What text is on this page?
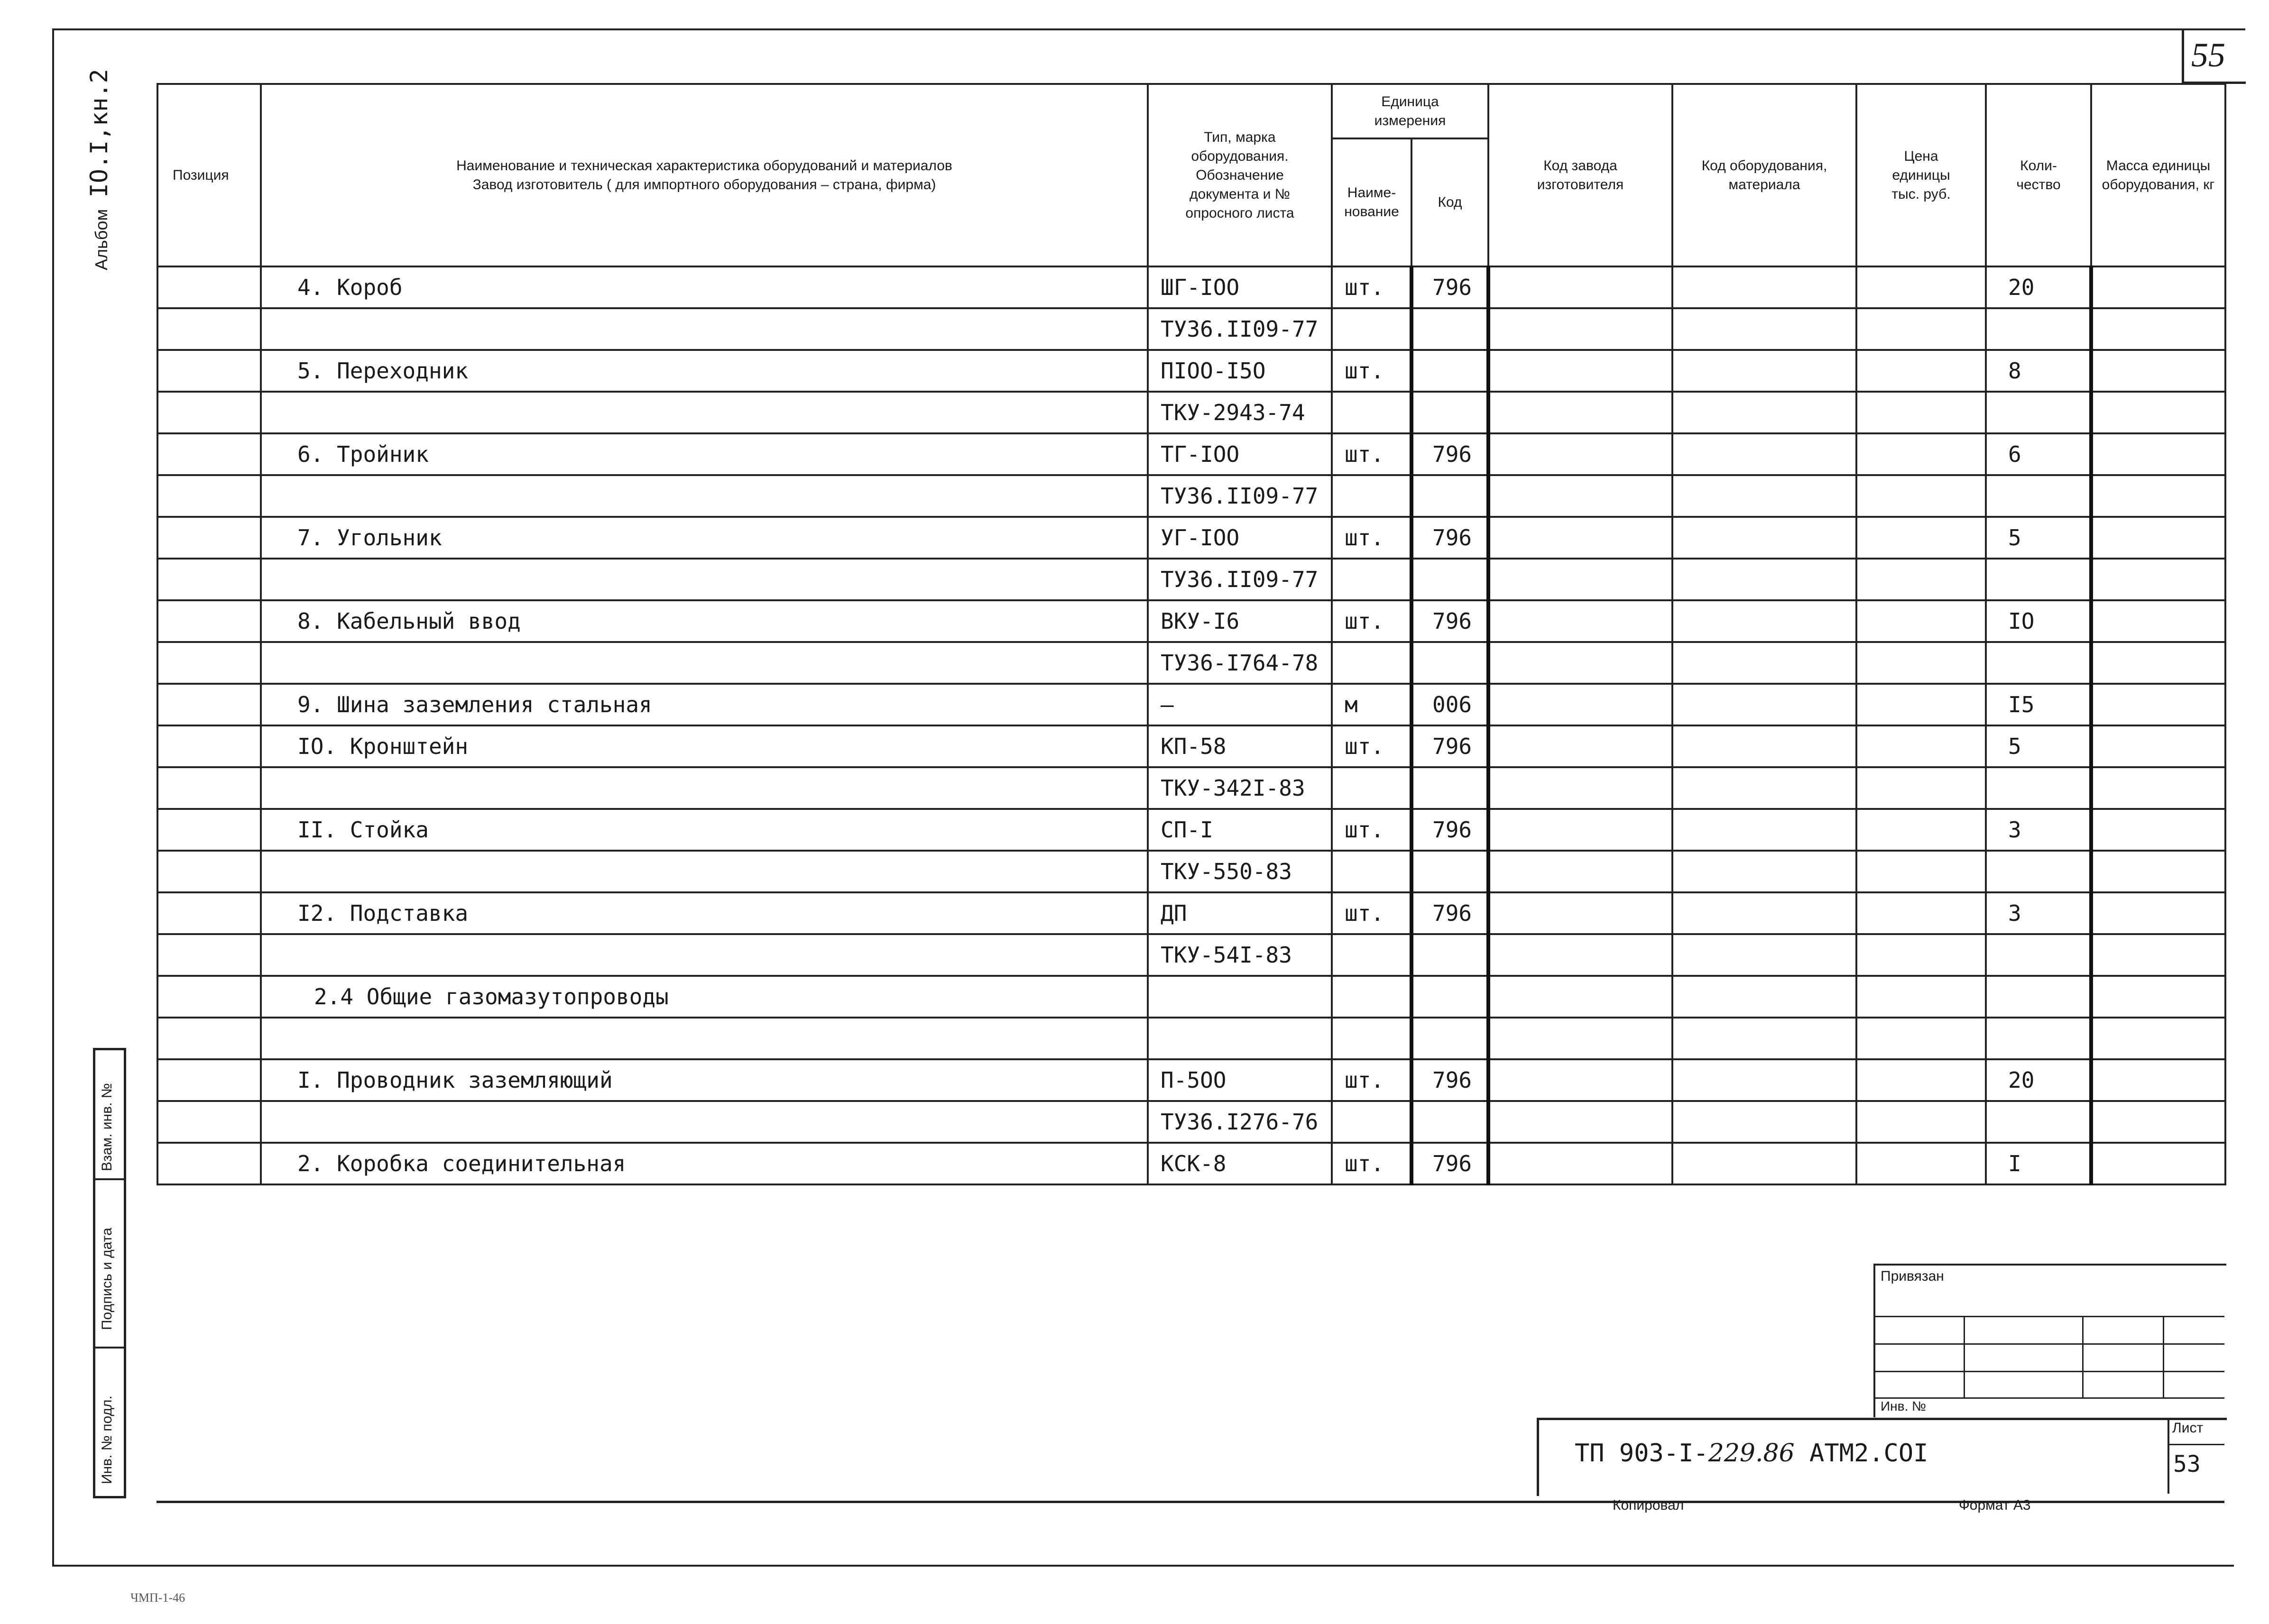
55
Альбом IO.I,кн.2	Позиция	Наименование и техническая характеристика оборудований и материалов
Завод изготовитель ( для импортного оборудования – страна, фирма)	Тип, марка оборудования. Обозначение документа и № опросного листа	Единица измерения		Код завода изготовителя	Код оборудования, материала	Цена единицы тыс. руб.	Коли-чество	Масса единицы оборудования, кг
			Наиме-нование	Код					
	4. Короб	ШГ-IOO	шт.	796				20	
		ТУ36.II09-77							
	5. Переходник	ПIOO-I5O	шт.					8	
		ТКУ-2943-74							
	6. Тройник	ТГ-IOO	шт.	796				6	
		ТУ36.II09-77							
	7. Угольник	УГ-IOO	шт.	796				5	
		ТУ36.II09-77							
	8. Кабельный ввод	ВКУ-I6	шт.	796				IO	
		ТУ36-I764-78							
	9. Шина заземления стальная	–	м	006				I5	
	IO. Кронштейн	КП-58	шт.	796				5	
		ТКУ-342I-83							
	II. Стойка	СП-I	шт.	796				3	
		ТКУ-550-83							
	I2. Подставка	ДП	шт.	796				3	
		ТКУ-54I-83							
	2.4 Общие газомазутопроводы								

	I. Проводник заземляющий	П-5OO	шт.	796				20	
		ТУ36.I276-76							
	2. Коробка соединительная	КСК-8	шт.	796				I	
Взам. инв. №
Подпись и дата
Инв. № подл.
Привязан
Инв. №
ТП 903-I-229.86 АТМ2.СОI
Лист
53
Копировал	Формат А3
ЧМП-1-46
